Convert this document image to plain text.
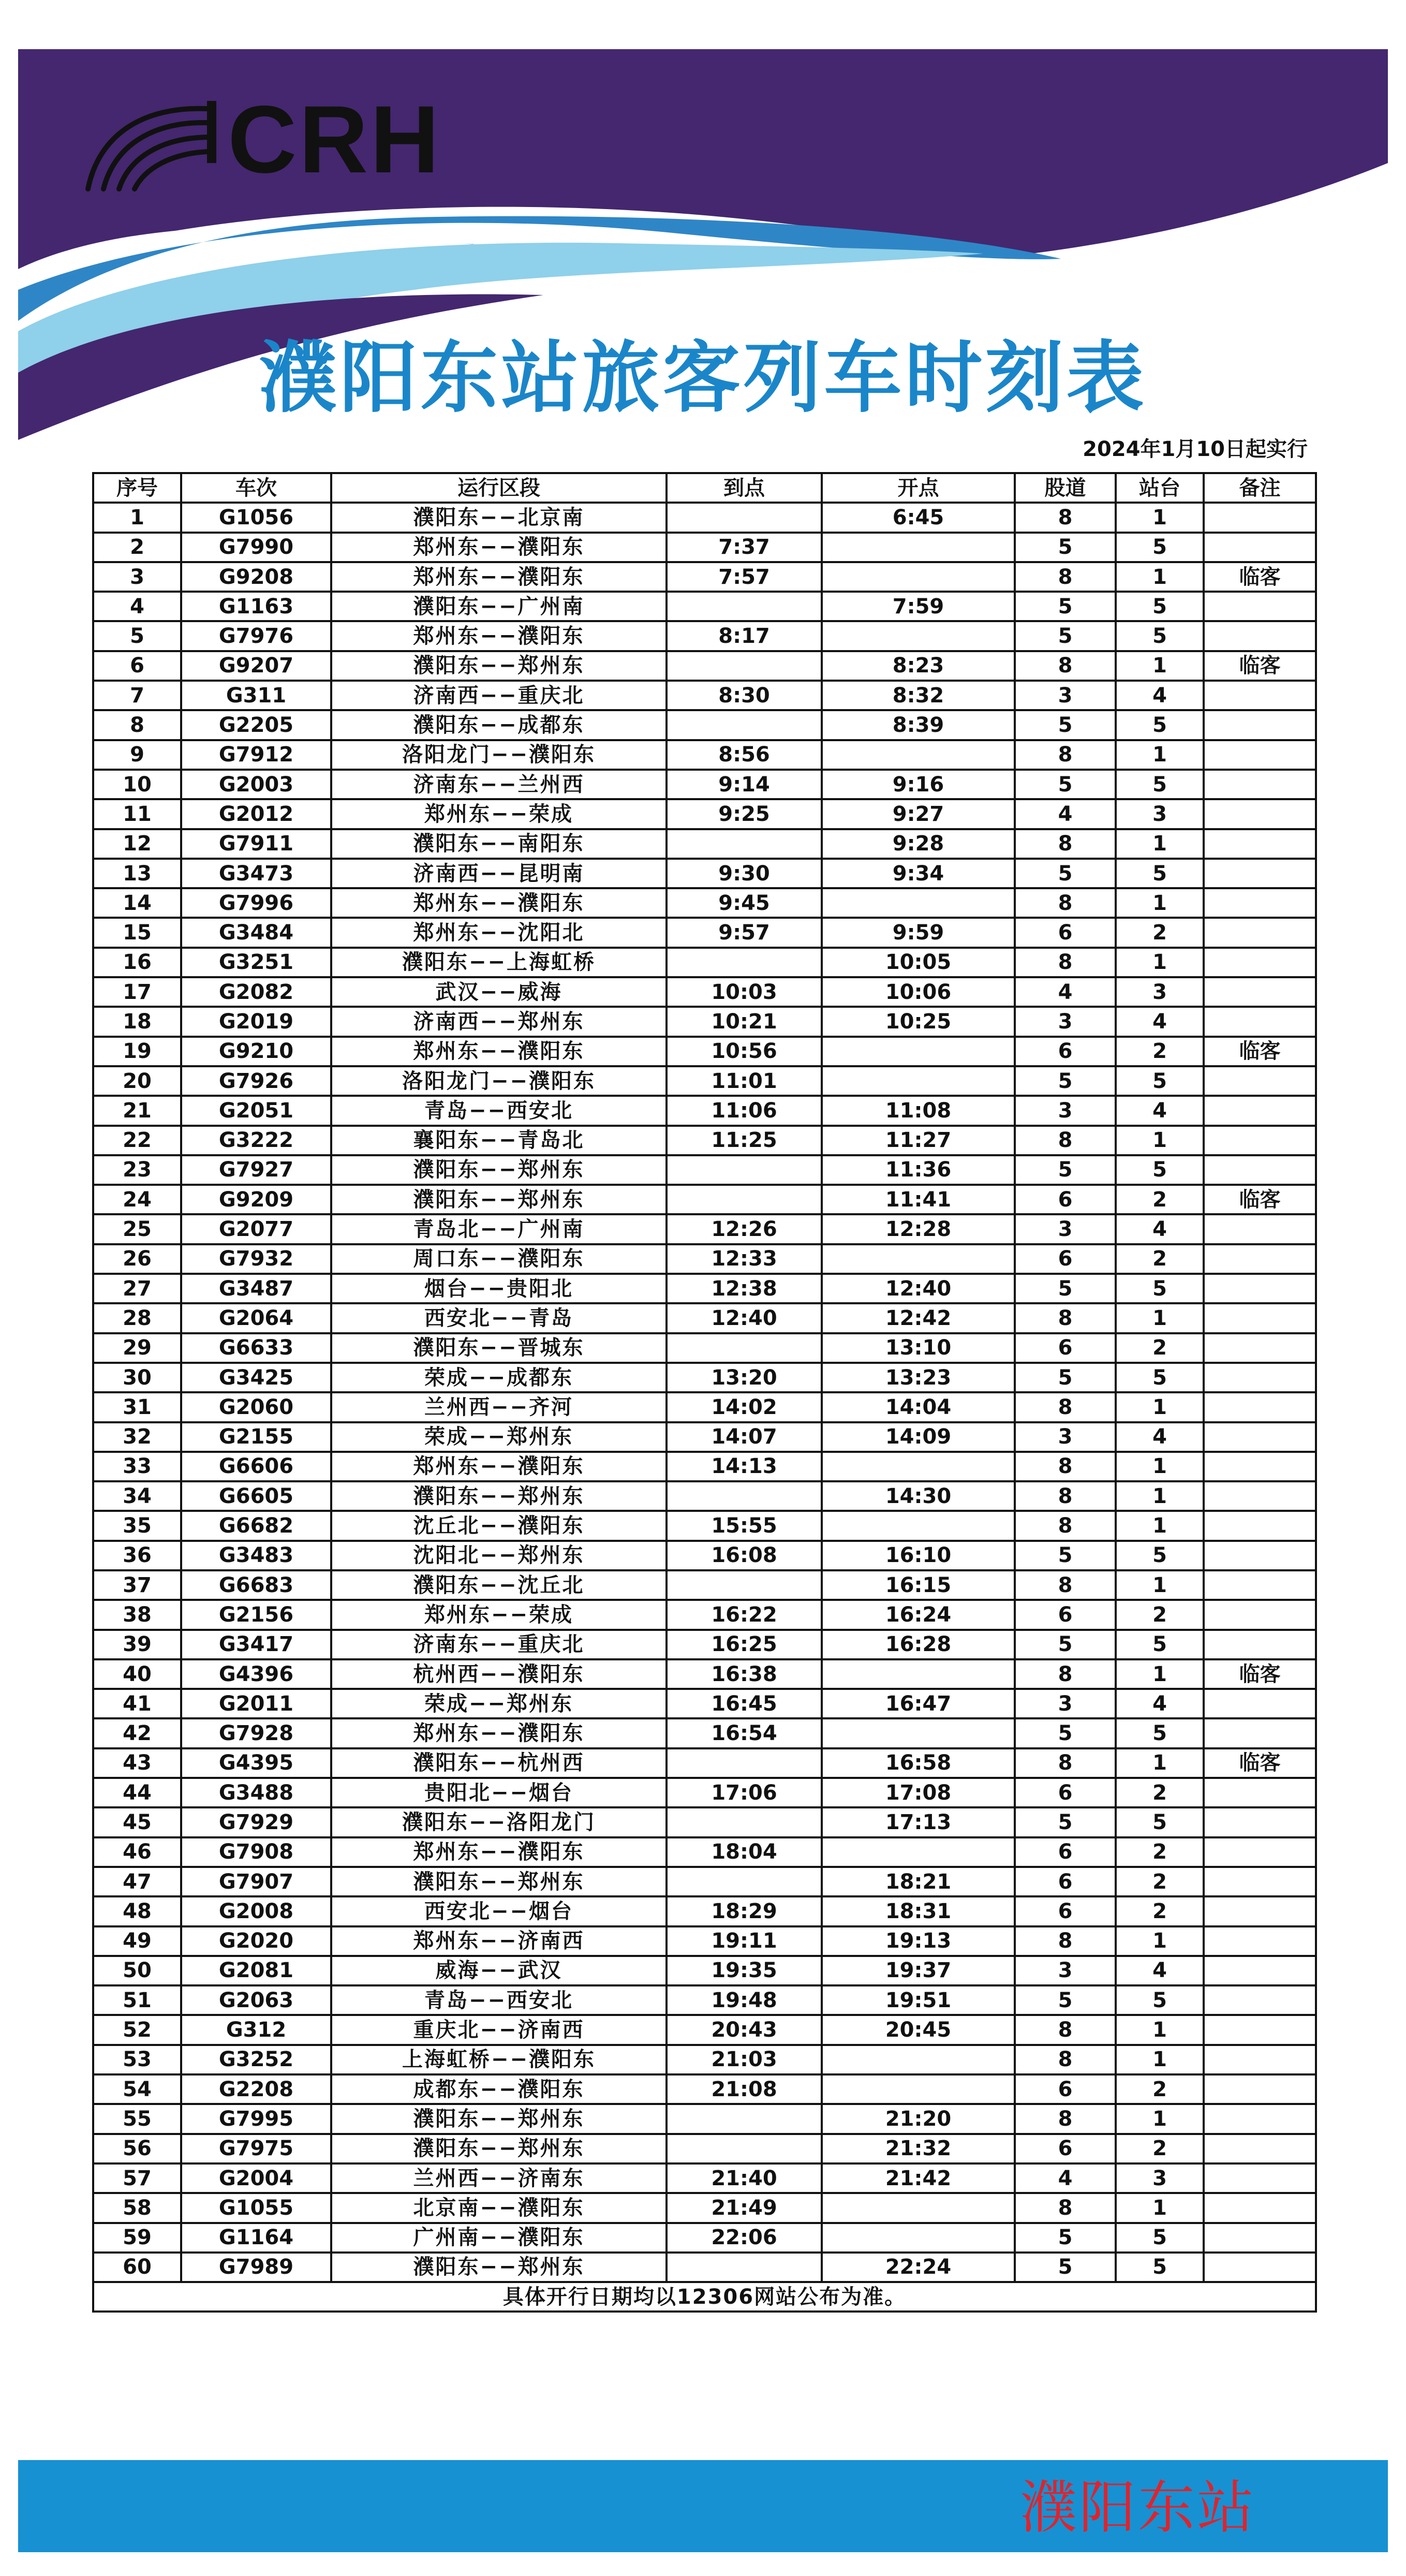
CRH
濮阳东站旅客列车时刻表
2024年1月10日起实行
序号	车次	运行区段	到点	开点	股道	站台	备注
1	G1056	濮阳东−−北京南		6:45	8	1	
2	G7990	郑州东−−濮阳东	7:37		5	5	
3	G9208	郑州东−−濮阳东	7:57		8	1	临客
4	G1163	濮阳东−−广州南		7:59	5	5	
5	G7976	郑州东−−濮阳东	8:17		5	5	
6	G9207	濮阳东−−郑州东		8:23	8	1	临客
7	G311	济南西−−重庆北	8:30	8:32	3	4	
8	G2205	濮阳东−−成都东		8:39	5	5	
9	G7912	洛阳龙门−−濮阳东	8:56		8	1	
10	G2003	济南东−−兰州西	9:14	9:16	5	5	
11	G2012	郑州东−−荣成	9:25	9:27	4	3	
12	G7911	濮阳东−−南阳东		9:28	8	1	
13	G3473	济南西−−昆明南	9:30	9:34	5	5	
14	G7996	郑州东−−濮阳东	9:45		8	1	
15	G3484	郑州东−−沈阳北	9:57	9:59	6	2	
16	G3251	濮阳东−−上海虹桥		10:05	8	1	
17	G2082	武汉−−威海	10:03	10:06	4	3	
18	G2019	济南西−−郑州东	10:21	10:25	3	4	
19	G9210	郑州东−−濮阳东	10:56		6	2	临客
20	G7926	洛阳龙门−−濮阳东	11:01		5	5	
21	G2051	青岛−−西安北	11:06	11:08	3	4	
22	G3222	襄阳东−−青岛北	11:25	11:27	8	1	
23	G7927	濮阳东−−郑州东		11:36	5	5	
24	G9209	濮阳东−−郑州东		11:41	6	2	临客
25	G2077	青岛北−−广州南	12:26	12:28	3	4	
26	G7932	周口东−−濮阳东	12:33		6	2	
27	G3487	烟台−−贵阳北	12:38	12:40	5	5	
28	G2064	西安北−−青岛	12:40	12:42	8	1	
29	G6633	濮阳东−−晋城东		13:10	6	2	
30	G3425	荣成−−成都东	13:20	13:23	5	5	
31	G2060	兰州西−−齐河	14:02	14:04	8	1	
32	G2155	荣成−−郑州东	14:07	14:09	3	4	
33	G6606	郑州东−−濮阳东	14:13		8	1	
34	G6605	濮阳东−−郑州东		14:30	8	1	
35	G6682	沈丘北−−濮阳东	15:55		8	1	
36	G3483	沈阳北−−郑州东	16:08	16:10	5	5	
37	G6683	濮阳东−−沈丘北		16:15	8	1	
38	G2156	郑州东−−荣成	16:22	16:24	6	2	
39	G3417	济南东−−重庆北	16:25	16:28	5	5	
40	G4396	杭州西−−濮阳东	16:38		8	1	临客
41	G2011	荣成−−郑州东	16:45	16:47	3	4	
42	G7928	郑州东−−濮阳东	16:54		5	5	
43	G4395	濮阳东−−杭州西		16:58	8	1	临客
44	G3488	贵阳北−−烟台	17:06	17:08	6	2	
45	G7929	濮阳东−−洛阳龙门		17:13	5	5	
46	G7908	郑州东−−濮阳东	18:04		6	2	
47	G7907	濮阳东−−郑州东		18:21	6	2	
48	G2008	西安北−−烟台	18:29	18:31	6	2	
49	G2020	郑州东−−济南西	19:11	19:13	8	1	
50	G2081	威海−−武汉	19:35	19:37	3	4	
51	G2063	青岛−−西安北	19:48	19:51	5	5	
52	G312	重庆北−−济南西	20:43	20:45	8	1	
53	G3252	上海虹桥−−濮阳东	21:03		8	1	
54	G2208	成都东−−濮阳东	21:08		6	2	
55	G7995	濮阳东−−郑州东		21:20	8	1	
56	G7975	濮阳东−−郑州东		21:32	6	2	
57	G2004	兰州西−−济南东	21:40	21:42	4	3	
58	G1055	北京南−−濮阳东	21:49		8	1	
59	G1164	广州南−−濮阳东	22:06		5	5	
60	G7989	濮阳东−−郑州东		22:24	5	5	
具体开行日期均以12306网站公布为准。							
濮阳东站
